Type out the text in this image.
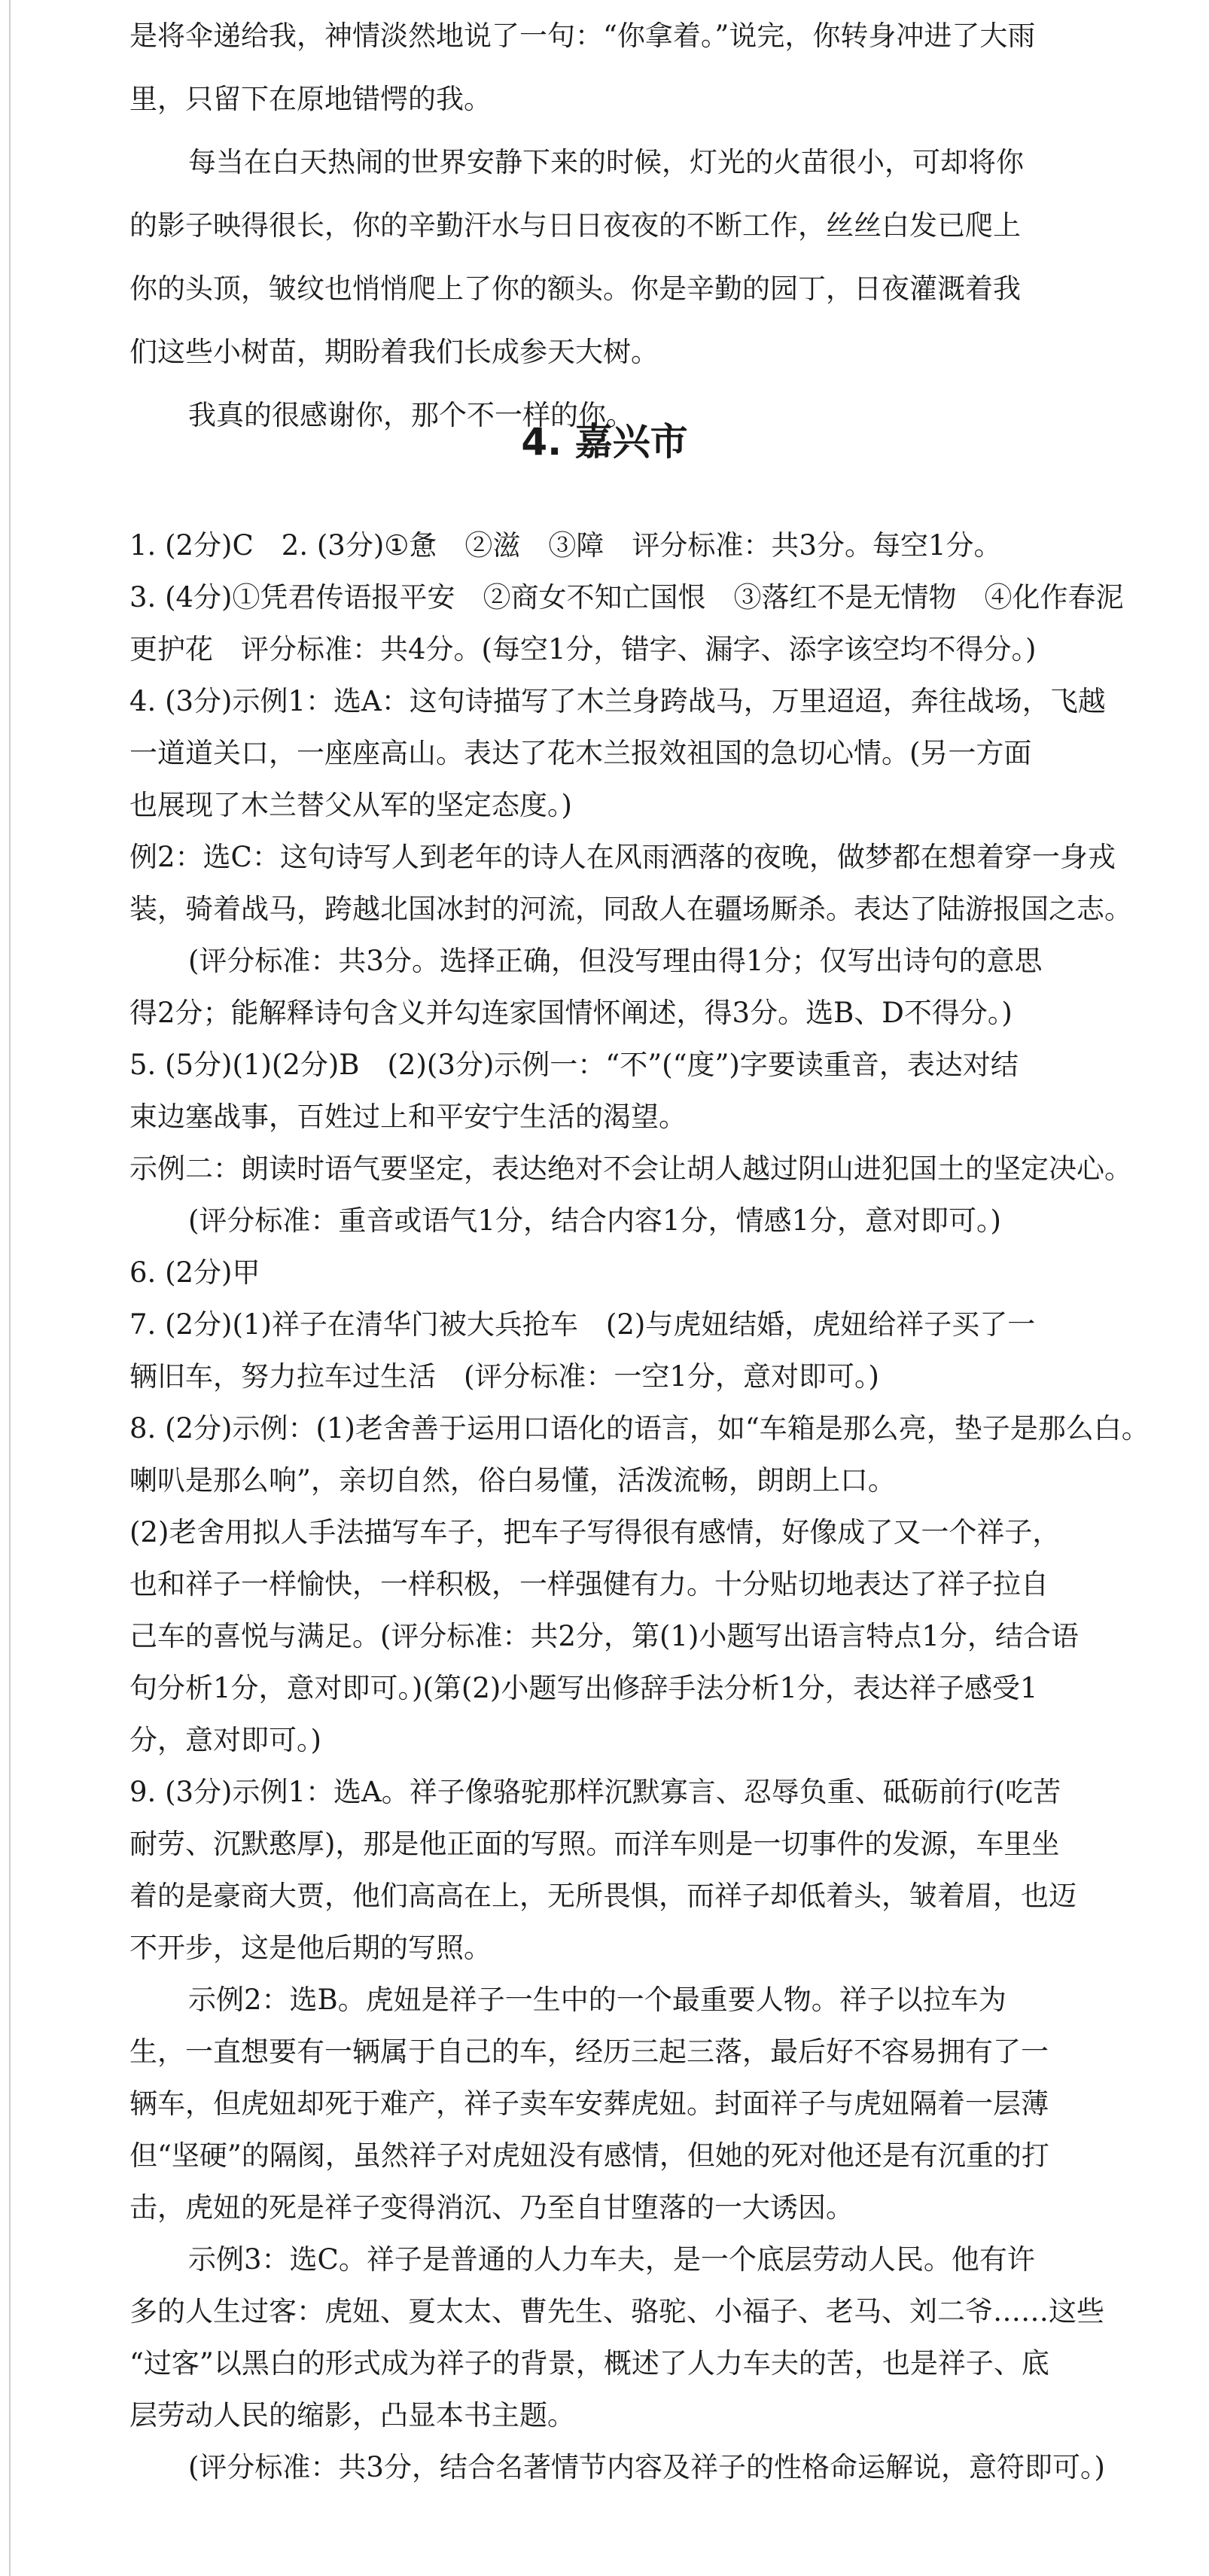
是将伞递给我，神情淡然地说了一句：“你拿着。”说完，你转身冲进了大雨
里，只留下在原地错愕的我。
每当在白天热闹的世界安静下来的时候，灯光的火苗很小，可却将你
的影子映得很长，你的辛勤汗水与日日夜夜的不断工作，丝丝白发已爬上
你的头顶，皱纹也悄悄爬上了你的额头。你是辛勤的园丁，日夜灌溉着我
们这些小树苗，期盼着我们长成参天大树。
我真的很感谢你，那个不一样的你。
4. 嘉兴市
1. (2分)C　2. (3分)①惫　②滋　③障　评分标准：共3分。每空1分。
3. (4分)①凭君传语报平安　②商女不知亡国恨　③落红不是无情物　④化作春泥
更护花　评分标准：共4分。(每空1分，错字、漏字、添字该空均不得分。)
4. (3分)示例1：选A：这句诗描写了木兰身跨战马，万里迢迢，奔往战场，飞越
一道道关口，一座座高山。表达了花木兰报效祖国的急切心情。(另一方面
也展现了木兰替父从军的坚定态度。)
例2：选C：这句诗写人到老年的诗人在风雨洒落的夜晚，做梦都在想着穿一身戎
装，骑着战马，跨越北国冰封的河流，同敌人在疆场厮杀。表达了陆游报国之志。
(评分标准：共3分。选择正确，但没写理由得1分；仅写出诗句的意思
得2分；能解释诗句含义并勾连家国情怀阐述，得3分。选B、D不得分。)
5. (5分)(1)(2分)B　(2)(3分)示例一：“不”(“度”)字要读重音，表达对结
束边塞战事，百姓过上和平安宁生活的渴望。
示例二：朗读时语气要坚定，表达绝对不会让胡人越过阴山进犯国土的坚定决心。
(评分标准：重音或语气1分，结合内容1分，情感1分，意对即可。)
6. (2分)甲
7. (2分)(1)祥子在清华门被大兵抢车　(2)与虎妞结婚，虎妞给祥子买了一
辆旧车，努力拉车过生活　(评分标准：一空1分，意对即可。)
8. (2分)示例：(1)老舍善于运用口语化的语言，如“车箱是那么亮，垫子是那么白。
喇叭是那么响”，亲切自然，俗白易懂，活泼流畅，朗朗上口。
(2)老舍用拟人手法描写车子，把车子写得很有感情，好像成了又一个祥子，
也和祥子一样愉快，一样积极，一样强健有力。十分贴切地表达了祥子拉自
己车的喜悦与满足。(评分标准：共2分，第(1)小题写出语言特点1分，结合语
句分析1分，意对即可。)(第(2)小题写出修辞手法分析1分，表达祥子感受1
分，意对即可。)
9. (3分)示例1：选A。祥子像骆驼那样沉默寡言、忍辱负重、砥砺前行(吃苦
耐劳、沉默憨厚)，那是他正面的写照。而洋车则是一切事件的发源，车里坐
着的是豪商大贾，他们高高在上，无所畏惧，而祥子却低着头，皱着眉，也迈
不开步，这是他后期的写照。
示例2：选B。虎妞是祥子一生中的一个最重要人物。祥子以拉车为
生，一直想要有一辆属于自己的车，经历三起三落，最后好不容易拥有了一
辆车，但虎妞却死于难产，祥子卖车安葬虎妞。封面祥子与虎妞隔着一层薄
但“坚硬”的隔阂，虽然祥子对虎妞没有感情，但她的死对他还是有沉重的打
击，虎妞的死是祥子变得消沉、乃至自甘堕落的一大诱因。
示例3：选C。祥子是普通的人力车夫，是一个底层劳动人民。他有许
多的人生过客：虎妞、夏太太、曹先生、骆驼、小福子、老马、刘二爷……这些
“过客”以黑白的形式成为祥子的背景，概述了人力车夫的苦，也是祥子、底
层劳动人民的缩影，凸显本书主题。
(评分标准：共3分，结合名著情节内容及祥子的性格命运解说，意符即可。)
